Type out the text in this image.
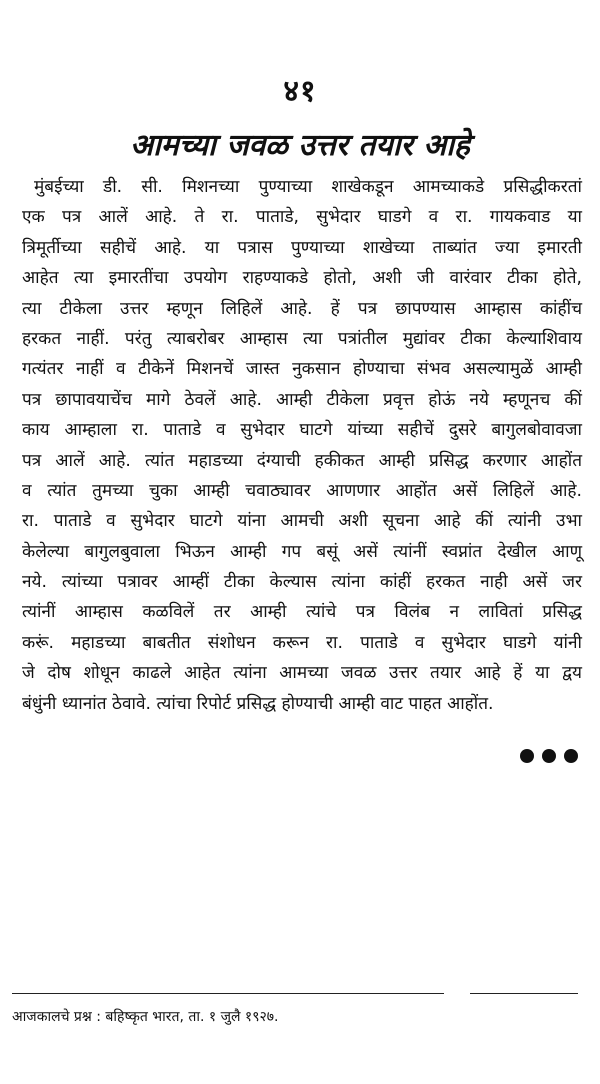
४१
आमच्या जवळ उत्तर तयार आहे
मुंबईच्या डी. सी. मिशनच्या पुण्याच्या शाखेकडून आमच्याकडे प्रसिद्धीकरतां
एक पत्र आलें आहे. ते रा. पाताडे, सुभेदार घाडगे व रा. गायकवाड या
त्रिमूर्तीच्या सहीचें आहे. या पत्रास पुण्याच्या शाखेच्या ताब्यांत ज्या इमारती
आहेत त्या इमारतींचा उपयोग राहण्याकडे होतो, अशी जी वारंवार टीका होते,
त्या टीकेला उत्तर म्हणून लिहिलें आहे. हें पत्र छापण्यास आम्हास कांहींच
हरकत नाहीं. परंतु त्याबरोबर आम्हास त्या पत्रांतील मुद्यांवर टीका केल्याशिवाय
गत्यंतर नाहीं व टीकेनें मिशनचें जास्त नुकसान होण्याचा संभव असल्यामुळें आम्ही
पत्र छापावयाचेंच मागे ठेवलें आहे. आम्ही टीकेला प्रवृत्त होऊं नये म्हणूनच कीं
काय आम्हाला रा. पाताडे व सुभेदार घाटगे यांच्या सहीचें दुसरे बागुलबोवावजा
पत्र आलें आहे. त्यांत महाडच्या दंग्याची हकीकत आम्ही प्रसिद्ध करणार आहोंत
व त्यांत तुमच्या चुका आम्ही चवाठ्यावर आणणार आहोंत असें लिहिलें आहे.
रा. पाताडे व सुभेदार घाटगे यांना आमची अशी सूचना आहे कीं त्यांनी उभा
केलेल्या बागुलबुवाला भिऊन आम्ही गप बसूं असें त्यांनीं स्वप्नांत देखील आणू
नये. त्यांच्या पत्रावर आम्हीं टीका केल्यास त्यांना कांहीं हरकत नाही असें जर
त्यांनीं आम्हास कळविलें तर आम्ही त्यांचे पत्र विलंब न लावितां प्रसिद्ध
करूं. महाडच्या बाबतीत संशोधन करून रा. पाताडे व सुभेदार घाडगे यांनी
जे दोष शोधून काढले आहेत त्यांना आमच्या जवळ उत्तर तयार आहे हें या द्वय
बंधुंनी ध्यानांत ठेवावे. त्यांचा रिपोर्ट प्रसिद्ध होण्याची आम्ही वाट पाहत आहोंत.
आजकालचे प्रश्न : बहिष्कृत भारत, ता. १ जुलै १९२७.
